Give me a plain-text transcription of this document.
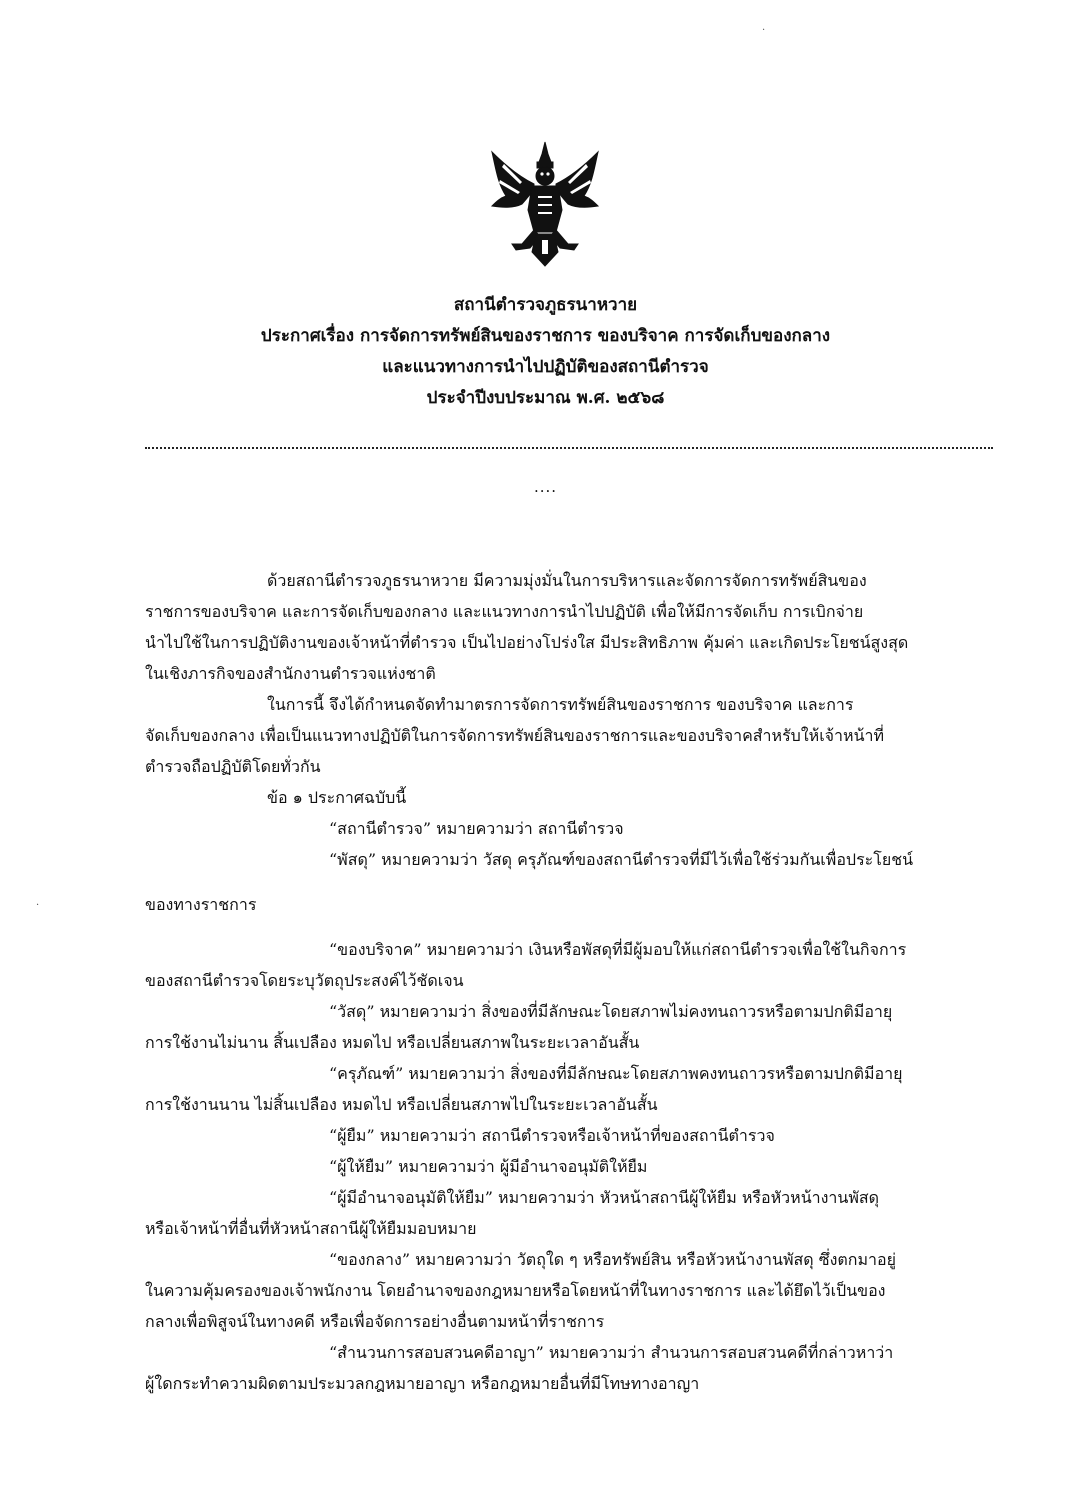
สถานีตำรวจภูธรนาหวาย
ประกาศเรื่อง การจัดการทรัพย์สินของราชการ ของบริจาค การจัดเก็บของกลาง
และแนวทางการนำไปปฏิบัติของสถานีตำรวจ
ประจำปีงบประมาณ พ.ศ. ๒๕๖๘
....
.
·
ด้วยสถานีตำรวจภูธรนาหวาย มีความมุ่งมั่นในการบริหารและจัดการจัดการทรัพย์สินของ
ราชการของบริจาค และการจัดเก็บของกลาง และแนวทางการนำไปปฏิบัติ เพื่อให้มีการจัดเก็บ การเบิกจ่าย
นำไปใช้ในการปฏิบัติงานของเจ้าหน้าที่ตำรวจ เป็นไปอย่างโปร่งใส มีประสิทธิภาพ คุ้มค่า และเกิดประโยชน์สูงสุด
ในเชิงภารกิจของสำนักงานตำรวจแห่งชาติ
ในการนี้ จึงได้กำหนดจัดทำมาตรการจัดการทรัพย์สินของราชการ ของบริจาค และการ
จัดเก็บของกลาง เพื่อเป็นแนวทางปฏิบัติในการจัดการทรัพย์สินของราชการและของบริจาคสำหรับให้เจ้าหน้าที่
ตำรวจถือปฏิบัติโดยทั่วกัน
ข้อ ๑ ประกาศฉบับนี้
“สถานีตำรวจ” หมายความว่า สถานีตำรวจ
“พัสดุ” หมายความว่า วัสดุ ครุภัณฑ์ของสถานีตำรวจที่มีไว้เพื่อใช้ร่วมกันเพื่อประโยชน์
ของทางราชการ
“ของบริจาค” หมายความว่า เงินหรือพัสดุที่มีผู้มอบให้แก่สถานีตำรวจเพื่อใช้ในกิจการ
ของสถานีตำรวจโดยระบุวัตถุประสงค์ไว้ชัดเจน
“วัสดุ” หมายความว่า สิ่งของที่มีลักษณะโดยสภาพไม่คงทนถาวรหรือตามปกติมีอายุ
การใช้งานไม่นาน สิ้นเปลือง หมดไป หรือเปลี่ยนสภาพในระยะเวลาอันสั้น
“ครุภัณฑ์” หมายความว่า สิ่งของที่มีลักษณะโดยสภาพคงทนถาวรหรือตามปกติมีอายุ
การใช้งานนาน ไม่สิ้นเปลือง หมดไป หรือเปลี่ยนสภาพไปในระยะเวลาอันสั้น
“ผู้ยืม” หมายความว่า สถานีตำรวจหรือเจ้าหน้าที่ของสถานีตำรวจ
“ผู้ให้ยืม” หมายความว่า ผู้มีอำนาจอนุมัติให้ยืม
“ผู้มีอำนาจอนุมัติให้ยืม” หมายความว่า หัวหน้าสถานีผู้ให้ยืม หรือหัวหน้างานพัสดุ
หรือเจ้าหน้าที่อื่นที่หัวหน้าสถานีผู้ให้ยืมมอบหมาย
“ของกลาง” หมายความว่า วัตถุใด ๆ หรือทรัพย์สิน หรือหัวหน้างานพัสดุ ซึ่งตกมาอยู่
ในความคุ้มครองของเจ้าพนักงาน โดยอำนาจของกฎหมายหรือโดยหน้าที่ในทางราชการ และได้ยึดไว้เป็นของ
กลางเพื่อพิสูจน์ในทางคดี หรือเพื่อจัดการอย่างอื่นตามหน้าที่ราชการ
“สำนวนการสอบสวนคดีอาญา” หมายความว่า สำนวนการสอบสวนคดีที่กล่าวหาว่า
ผู้ใดกระทำความผิดตามประมวลกฎหมายอาญา หรือกฎหมายอื่นที่มีโทษทางอาญา
